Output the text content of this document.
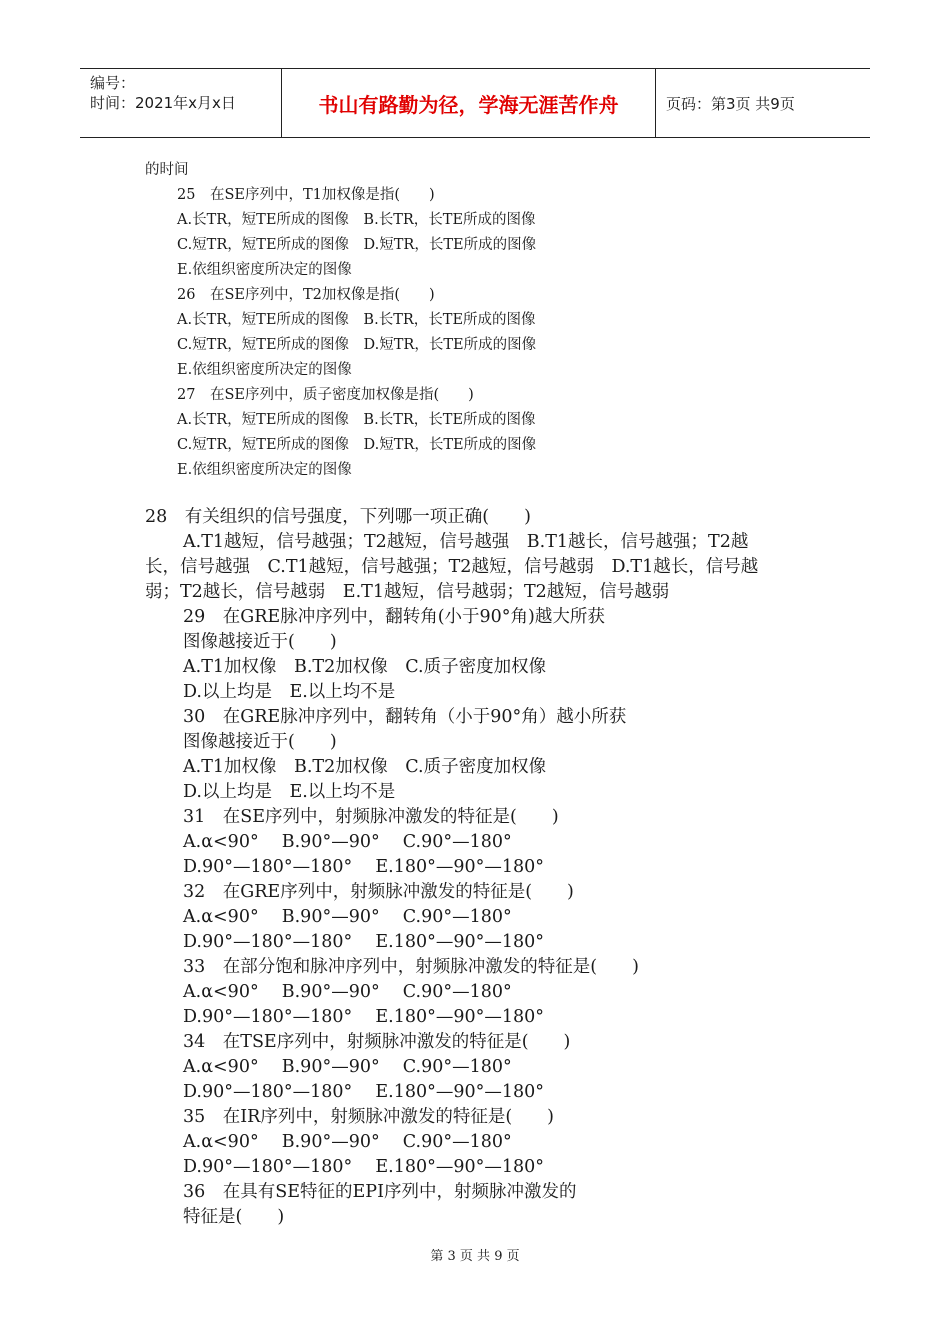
编号：
时间：2021年x月x日	书山有路勤为径，学海无涯苦作舟	页码：第3页 共9页
的时间
25　在SE序列中，T1加权像是指(　　)
A.长TR，短TE所成的图像　B.长TR，长TE所成的图像
C.短TR，短TE所成的图像　D.短TR，长TE所成的图像
E.依组织密度所决定的图像
26　在SE序列中，T2加权像是指(　　)
A.长TR，短TE所成的图像　B.长TR，长TE所成的图像
C.短TR，短TE所成的图像　D.短TR，长TE所成的图像
E.依组织密度所决定的图像
27　在SE序列中，质子密度加权像是指(　　)
A.长TR，短TE所成的图像　B.长TR，长TE所成的图像
C.短TR，短TE所成的图像　D.短TR，长TE所成的图像
E.依组织密度所决定的图像
28　有关组织的信号强度，下列哪一项正确(　　)
A.T1越短，信号越强；T2越短，信号越强　B.T1越长，信号越强；T2越
长，信号越强　C.T1越短，信号越强；T2越短，信号越弱　D.T1越长，信号越
弱；T2越长，信号越弱　E.T1越短，信号越弱；T2越短，信号越弱
29　在GRE脉冲序列中，翻转角(小于90°角)越大所获
图像越接近于(　　)
A.T1加权像　B.T2加权像　C.质子密度加权像
D.以上均是　E.以上均不是
30　在GRE脉冲序列中，翻转角（小于90°角）越小所获
图像越接近于(　　)
A.T1加权像　B.T2加权像　C.质子密度加权像
D.以上均是　E.以上均不是
31　在SE序列中，射频脉冲激发的特征是(　　)
A.α<90°　 B.90°—90°　 C.90°—180°
D.90°—180°—180°　 E.180°—90°—180°
32　在GRE序列中，射频脉冲激发的特征是(　　)
A.α<90°　 B.90°—90°　 C.90°—180°
D.90°—180°—180°　 E.180°—90°—180°
33　在部分饱和脉冲序列中，射频脉冲激发的特征是(　　)
A.α<90°　 B.90°—90°　 C.90°—180°
D.90°—180°—180°　 E.180°—90°—180°
34　在TSE序列中，射频脉冲激发的特征是(　　)
A.α<90°　 B.90°—90°　 C.90°—180°
D.90°—180°—180°　 E.180°—90°—180°
35　在IR序列中，射频脉冲激发的特征是(　　)
A.α<90°　 B.90°—90°　 C.90°—180°
D.90°—180°—180°　 E.180°—90°—180°
36　在具有SE特征的EPI序列中，射频脉冲激发的
特征是(　　)
第 3 页 共 9 页
